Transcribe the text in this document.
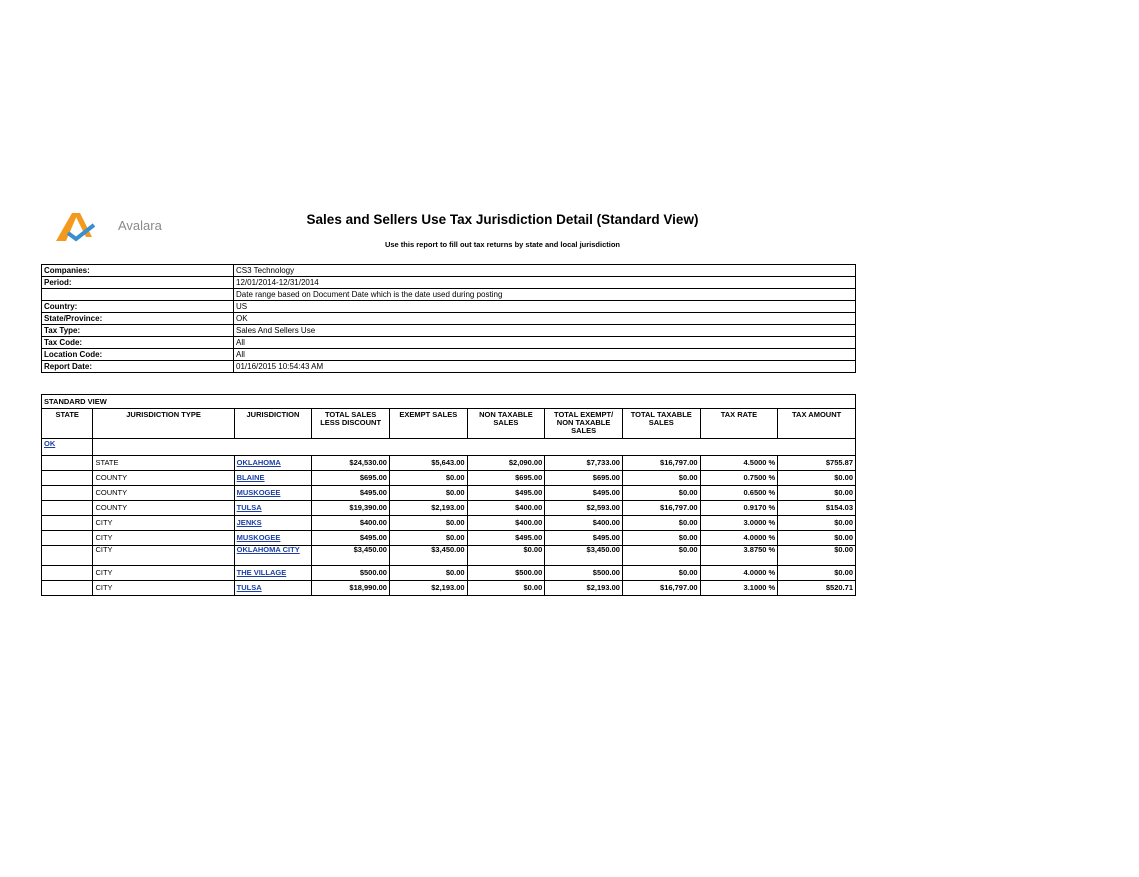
Avalara	Sales and Sellers Use Tax Jurisdiction Detail (Standard View)
Use this report to fill out tax returns by state and local jurisdiction
Companies:	CS3 Technology
Period:	12/01/2014-12/31/2014
	Date range based on Document Date which is the date used during posting
Country:	US
State/Province:	OK
Tax Type:	Sales And Sellers Use
Tax Code:	All
Location Code:	All
Report Date:	01/16/2015 10:54:43 AM
STANDARD VIEW									
STATE	JURISDICTION TYPE	JURISDICTION	TOTAL SALES LESS DISCOUNT	EXEMPT SALES	NON TAXABLE SALES	TOTAL EXEMPT/ NON TAXABLE SALES	TOTAL TAXABLE SALES	TAX RATE	TAX AMOUNT
OK									
	STATE	OKLAHOMA	$24,530.00	$5,643.00	$2,090.00	$7,733.00	$16,797.00	4.5000 %	$755.87
	COUNTY	BLAINE	$695.00	$0.00	$695.00	$695.00	$0.00	0.7500 %	$0.00
	COUNTY	MUSKOGEE	$495.00	$0.00	$495.00	$495.00	$0.00	0.6500 %	$0.00
	COUNTY	TULSA	$19,390.00	$2,193.00	$400.00	$2,593.00	$16,797.00	0.9170 %	$154.03
	CITY	JENKS	$400.00	$0.00	$400.00	$400.00	$0.00	3.0000 %	$0.00
	CITY	MUSKOGEE	$495.00	$0.00	$495.00	$495.00	$0.00	4.0000 %	$0.00
	CITY	OKLAHOMA CITY	$3,450.00	$3,450.00	$0.00	$3,450.00	$0.00	3.8750 %	$0.00
	CITY	THE VILLAGE	$500.00	$0.00	$500.00	$500.00	$0.00	4.0000 %	$0.00
	CITY	TULSA	$18,990.00	$2,193.00	$0.00	$2,193.00	$16,797.00	3.1000 %	$520.71
